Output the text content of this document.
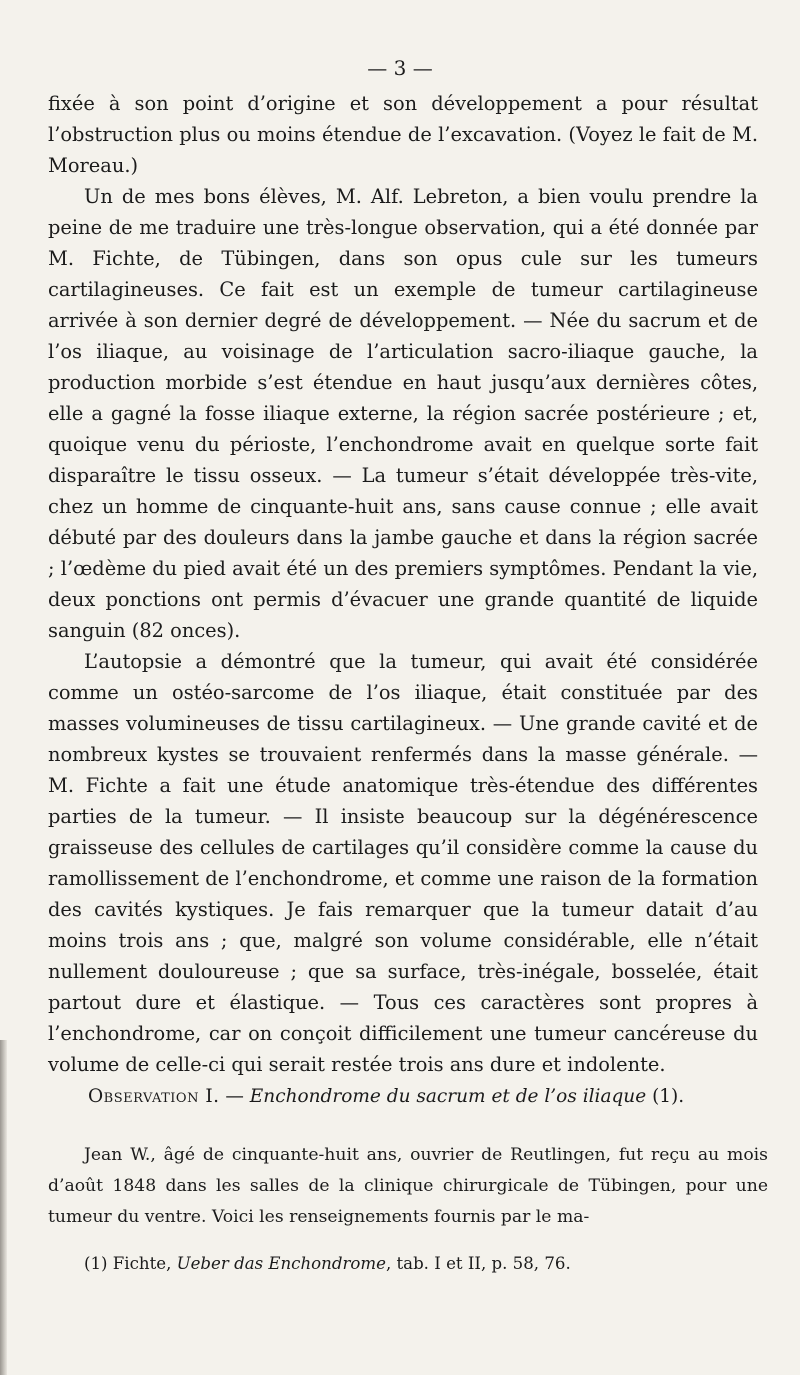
— 3 —

fixée à son point d’origine et son développement a pour résultat l’obstruction plus ou moins étendue de l’excavation. (Voyez le fait de M. Moreau.)

Un de mes bons élèves, M. Alf. Lebreton, a bien voulu prendre la peine de me traduire une très-longue observation, qui a été donnée par M. Fichte, de Tübingen, dans son opus cule sur les tumeurs cartilagineuses. Ce fait est un exemple de tumeur cartilagineuse arrivée à son dernier degré de développement. — Née du sacrum et de l’os iliaque, au voisinage de l’articulation sacro-iliaque gauche, la production morbide s’est étendue en haut jusqu’aux dernières côtes, elle a gagné la fosse iliaque externe, la région sacrée postérieure ; et, quoique venu du périoste, l’enchondrome avait en quelque sorte fait disparaître le tissu osseux. — La tumeur s’était développée très-vite, chez un homme de cinquante-huit ans, sans cause connue ; elle avait débuté par des douleurs dans la jambe gauche et dans la région sacrée ; l’œdème du pied avait été un des premiers symptômes. Pendant la vie, deux ponctions ont permis d’évacuer une grande quantité de liquide sanguin (82 onces).

L’autopsie a démontré que la tumeur, qui avait été considérée comme un ostéo-sarcome de l’os iliaque, était constituée par des masses volumineuses de tissu cartilagineux. — Une grande cavité et de nombreux kystes se trouvaient renfermés dans la masse générale. — M. Fichte a fait une étude anatomique très-étendue des différentes parties de la tumeur. — Il insiste beaucoup sur la dégénérescence graisseuse des cellules de cartilages qu’il considère comme la cause du ramollissement de l’enchondrome, et comme une raison de la formation des cavités kystiques. Je fais remarquer que la tumeur datait d’au moins trois ans ; que, malgré son volume considérable, elle n’était nullement douloureuse ; que sa surface, très-inégale, bosselée, était partout dure et élastique. — Tous ces caractères sont propres à l’enchondrome, car on conçoit difficilement une tumeur cancéreuse du volume de celle-ci qui serait restée trois ans dure et indolente.

Observation I. — Enchondrome du sacrum et de l’os iliaque (1).

Jean W., âgé de cinquante-huit ans, ouvrier de Reutlingen, fut reçu au mois d’août 1848 dans les salles de la clinique chirurgicale de Tübingen, pour une tumeur du ventre. Voici les renseignements fournis par le ma-

(1) Fichte, Ueber das Enchondrome, tab. I et II, p. 58, 76.
